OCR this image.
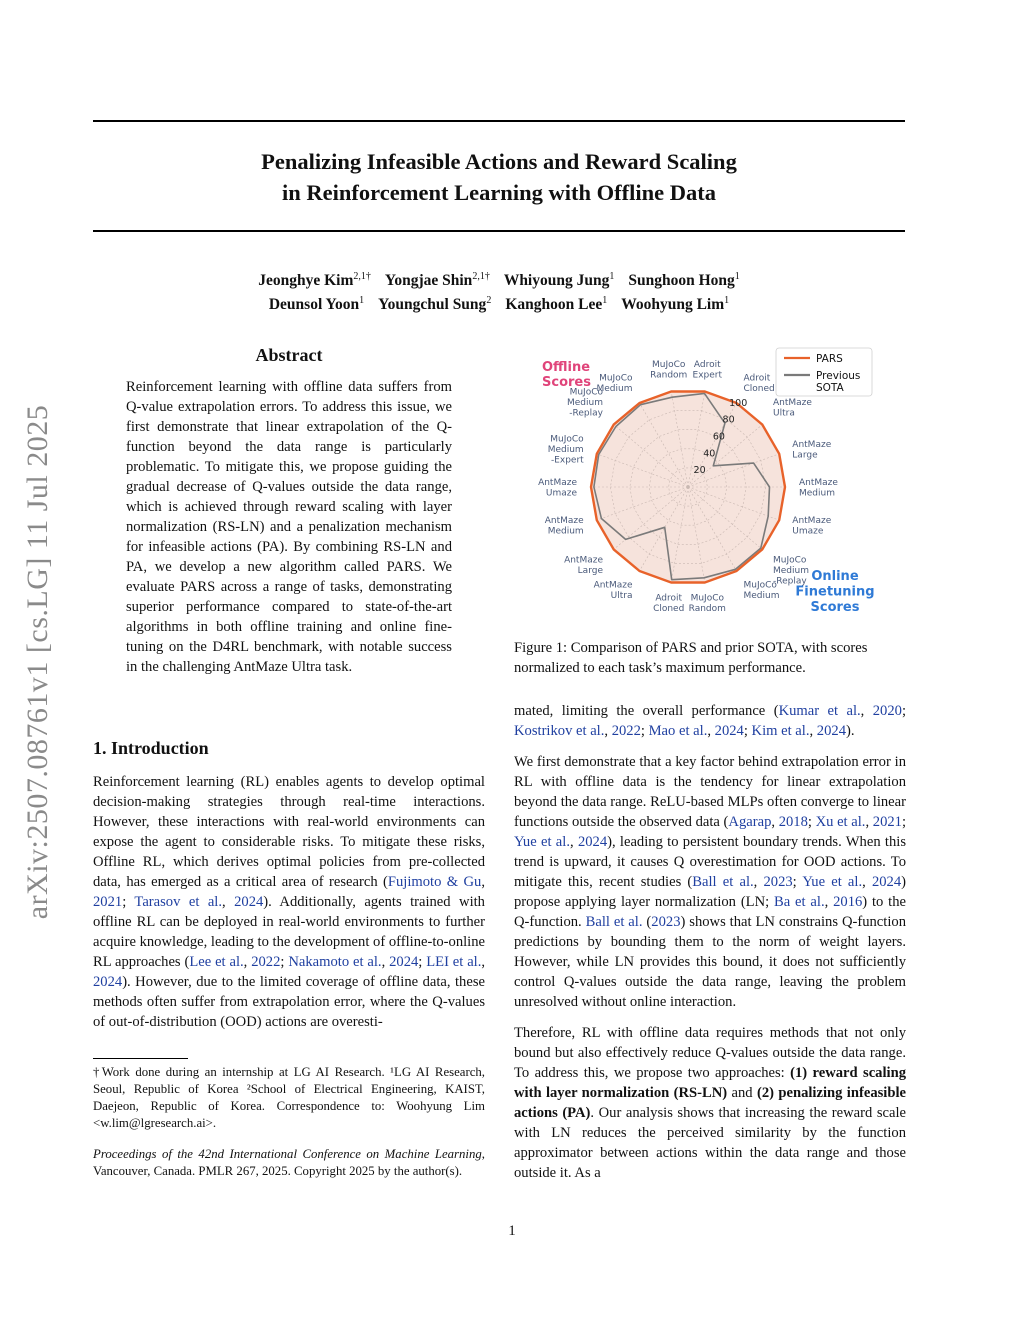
Penalizing Infeasible Actions and Reward Scaling
in Reinforcement Learning with Offline Data
Jeonghye Kim$^{2,1\dagger}$ Yongjae Shin$^{2,1\dagger}$ Whiyoung Jung$^1$ Sunghoon Hong$^1$
Deunsol Yoon$^1$ Youngchul Sung$^2$ Kanghoon Lee$^1$ Woohyung Lim$^1$
arXiv:2507.08761v1 [cs.LG] 11 Jul 2025
Abstract

Reinforcement learning with offline data suffers from Q-value extrapolation errors. To address this issue, we first demonstrate that linear extrapolation of the Q-function beyond the data range is particularly problematic. To mitigate this, we propose guiding the gradual decrease of Q-values outside the data range, which is achieved through reward scaling with layer normalization (RS-LN) and a penalization mechanism for infeasible actions (PA). By combining RS-LN and PA, we develop a new algorithm called PARS. We evaluate PARS across a range of tasks, demonstrating superior performance compared to state-of-the-art algorithms in both offline training and online fine-tuning on the D4RL benchmark, with notable success in the challenging AntMaze Ultra task.

20
40
60
80
100
Adroit Expert Adroit Cloned
AntMaze Ultra
AntMaze Large
AntMaze Medium
AntMaze Umaze
MuJoCo Medium -Replay
MuJoCo Medium
MuJoCo Random
Adroit Cloned
AntMaze Ultra
AntMaze Large
AntMaze Medium
AntMaze Umaze
MuJoCo Medium -Expert
MuJoCo Medium -Replay
MuJoCo Medium
MuJoCo Random
Offline Scores
Online Finetuning Scores
PARS
Previous SOTA
Figure 1: Comparison of PARS and prior SOTA, with scores normalized to each task’s maximum performance.
1. Introduction

Reinforcement learning (RL) enables agents to develop optimal decision-making strategies through real-time interactions. However, these interactions with real-world environments can expose the agent to considerable risks. To mitigate these risks, Offline RL, which derives optimal policies from pre-collected data, has emerged as a critical area of research (Fujimoto & Gu, 2021; Tarasov et al., 2024). Additionally, agents trained with offline RL can be deployed in real-world environments to further acquire knowledge, leading to the development of offline-to-online RL approaches (Lee et al., 2022; Nakamoto et al., 2024; LEI et al., 2024). However, due to the limited coverage of offline data, these methods often suffer from extrapolation error, where the Q-values of out-of-distribution (OOD) actions are overesti-

†Work done during an internship at LG AI Research. ¹LG AI Research, Seoul, Republic of Korea ²School of Electrical Engineering, KAIST, Daejeon, Republic of Korea. Correspondence to: Woohyung Lim <w.lim@lgresearch.ai>.

Proceedings of the 42nd International Conference on Machine Learning, Vancouver, Canada. PMLR 267, 2025. Copyright 2025 by the author(s).

mated, limiting the overall performance (Kumar et al., 2020; Kostrikov et al., 2022; Mao et al., 2024; Kim et al., 2024).

We first demonstrate that a key factor behind extrapolation error in RL with offline data is the tendency for linear extrapolation beyond the data range. ReLU-based MLPs often converge to linear functions outside the observed data (Agarap, 2018; Xu et al., 2021; Yue et al., 2024), leading to persistent boundary trends. When this trend is upward, it causes Q overestimation for OOD actions. To mitigate this, recent studies (Ball et al., 2023; Yue et al., 2024) propose applying layer normalization (LN; Ba et al., 2016) to the Q-function. Ball et al. (2023) shows that LN constrains Q-function predictions by bounding them to the norm of weight layers. However, while LN provides this bound, it does not sufficiently control Q-values outside the data range, leaving the problem unresolved without online interaction.

Therefore, RL with offline data requires methods that not only bound but also effectively reduce Q-values outside the data range. To address this, we propose two approaches: (1) reward scaling with layer normalization (RS-LN) and (2) penalizing infeasible actions (PA). Our analysis shows that increasing the reward scale with LN reduces the perceived similarity by the function approximator between actions within the data range and those outside it. As a

1
